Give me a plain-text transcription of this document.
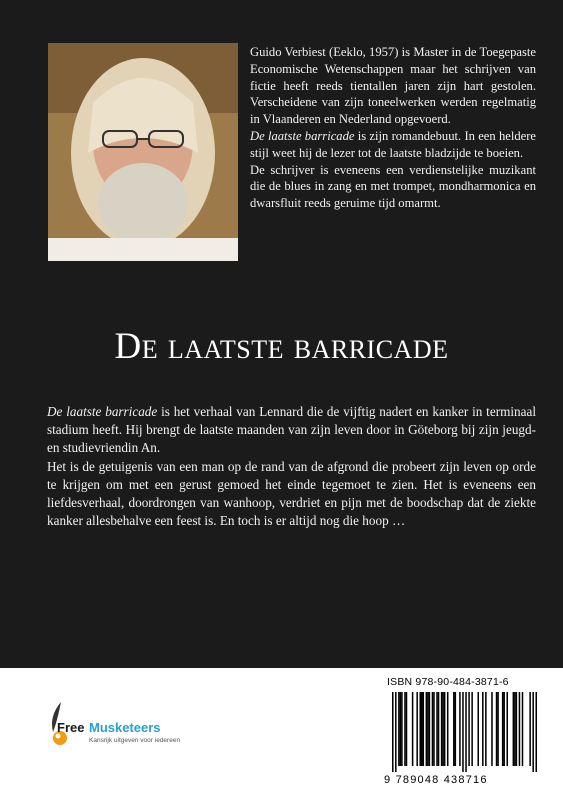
Guido Verbiest (Eeklo, 1957) is Master in de Toegepaste Economische Wetenschappen maar het schrijven van fictie heeft reeds tientallen jaren zijn hart gestolen. Verscheidene van zijn toneelwerken werden regelmatig in Vlaanderen en Nederland opgevoerd.

De laatste barricade is zijn romandebuut. In een heldere stijl weet hij de lezer tot de laatste bladzijde te boeien.

De schrijver is eveneens een verdienstelijke muzikant die de blues in zang en met trompet, mondharmonica en dwarsfluit reeds geruime tijd omarmt.

De laatste barricade

De laatste barricade is het verhaal van Lennard die de vijftig nadert en kanker in terminaal stadium heeft. Hij brengt de laatste maanden van zijn leven door in Göteborg bij zijn jeugd- en studievriendin An.

Het is de getuigenis van een man op de rand van de afgrond die probeert zijn leven op orde te krijgen om met een gerust gemoed het einde tegemoet te zien. Het is eveneens een liefdesverhaal, doordrongen van wanhoop, verdriet en pijn met de boodschap dat de ziekte kanker allesbehalve een feest is. En toch is er altijd nog die hoop …

Free Musketeers
Kansrijk uitgeven voor iedereen
ISBN 978-90-484-3871-6
9 789048 438716
